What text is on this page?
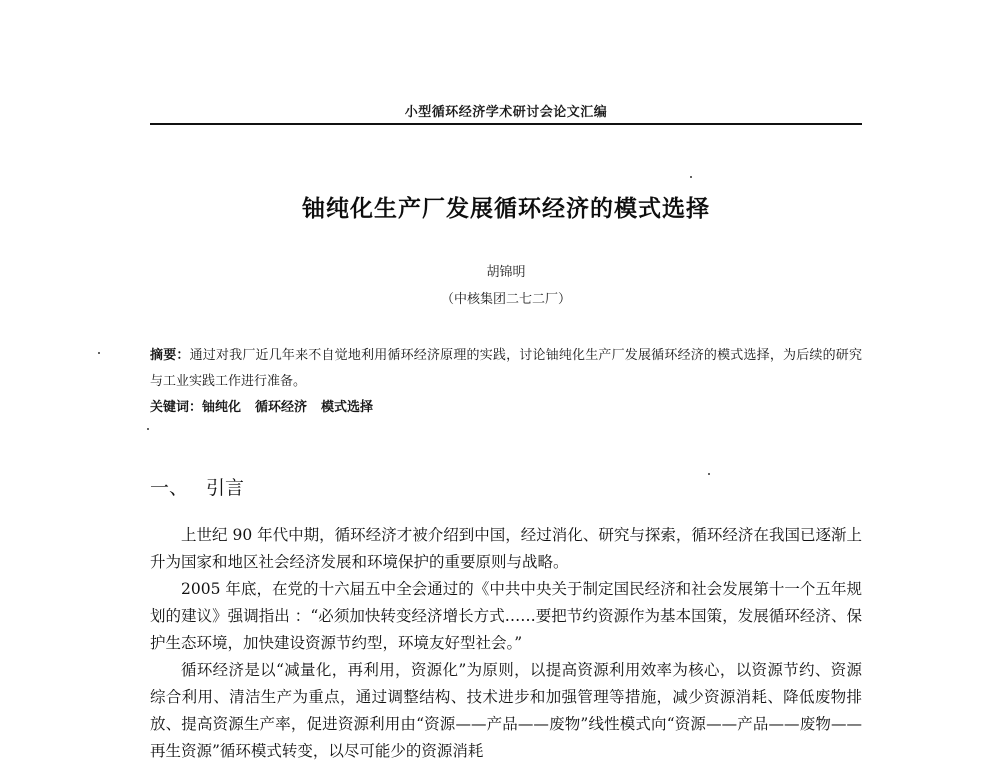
小型循环经济学术研讨会论文汇编
铀纯化生产厂发展循环经济的模式选择
胡锦明
（中核集团二七二厂）
摘要：通过对我厂近几年来不自觉地利用循环经济原理的实践，讨论铀纯化生产厂发展循环经济的模式选择，为后续的研究与工业实践工作进行准备。
关键词：铀纯化 循环经济 模式选择
一、 引言

上世纪 90 年代中期，循环经济才被介绍到中国，经过消化、研究与探索，循环经济在我国已逐渐上升为国家和地区社会经济发展和环境保护的重要原则与战略。

2005 年底，在党的十六届五中全会通过的《中共中央关于制定国民经济和社会发展第十一个五年规划的建议》强调指出 ：“必须加快转变经济增长方式……要把节约资源作为基本国策，发展循环经济、保护生态环境，加快建设资源节约型，环境友好型社会。”

循环经济是以“减量化，再利用，资源化”为原则，以提高资源利用效率为核心，以资源节约、资源综合利用、清洁生产为重点，通过调整结构、技术进步和加强管理等措施，减少资源消耗、降低废物排放、提高资源生产率，促进资源利用由“资源——产品——废物”线性模式向“资源——产品——废物——再生资源”循环模式转变，以尽可能少的资源消耗
